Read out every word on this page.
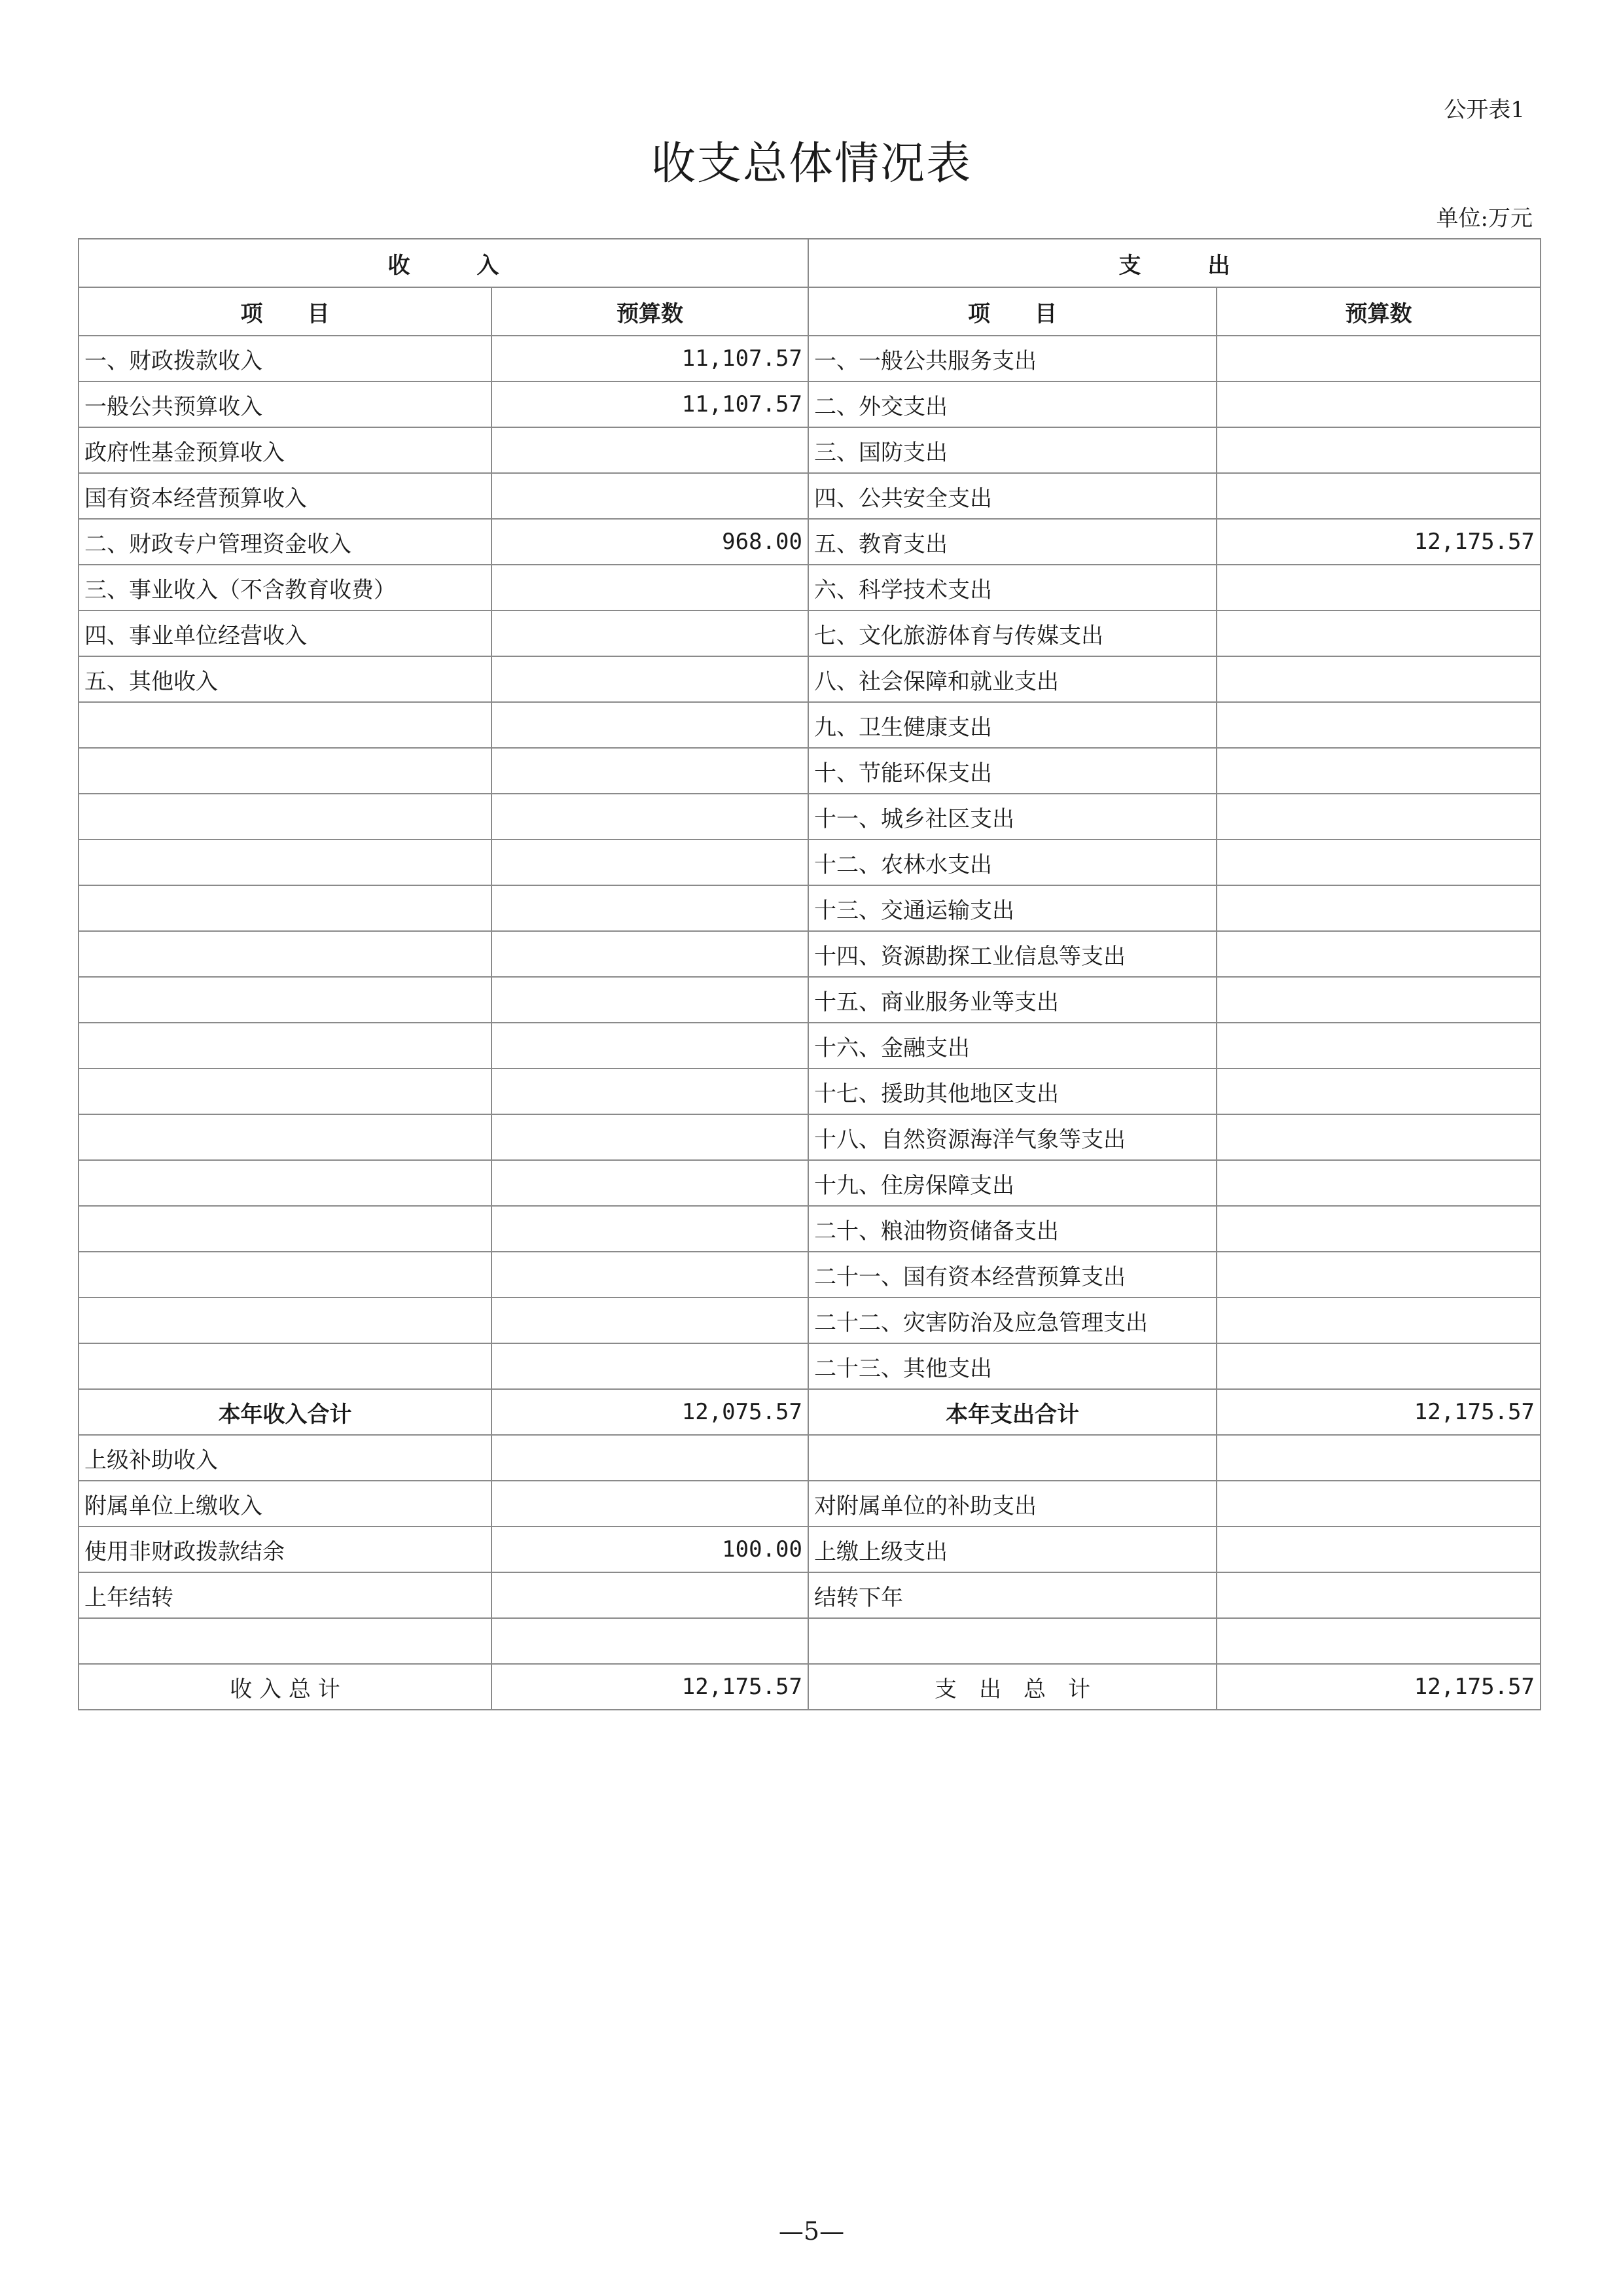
公开表1
收支总体情况表
单位:万元
收　　　入		支　　　出	
项　　目	预算数	项　　目	预算数
一、财政拨款收入	11,107.57	一、一般公共服务支出	
一般公共预算收入	11,107.57	二、外交支出	
政府性基金预算收入		三、国防支出	
国有资本经营预算收入		四、公共安全支出	
二、财政专户管理资金收入	968.00	五、教育支出	12,175.57
三、事业收入（不含教育收费）		六、科学技术支出	
四、事业单位经营收入		七、文化旅游体育与传媒支出	
五、其他收入		八、社会保障和就业支出	
		九、卫生健康支出	
		十、节能环保支出	
		十一、城乡社区支出	
		十二、农林水支出	
		十三、交通运输支出	
		十四、资源勘探工业信息等支出	
		十五、商业服务业等支出	
		十六、金融支出	
		十七、援助其他地区支出	
		十八、自然资源海洋气象等支出	
		十九、住房保障支出	
		二十、粮油物资储备支出	
		二十一、国有资本经营预算支出	
		二十二、灾害防治及应急管理支出	
		二十三、其他支出	
本年收入合计	12,075.57	本年支出合计	12,175.57
上级补助收入			
附属单位上缴收入		对附属单位的补助支出	
使用非财政拨款结余	100.00	上缴上级支出	
上年结转		结转下年	

收 入 总 计	12,175.57	支　出　总　计	12,175.57
—5—
